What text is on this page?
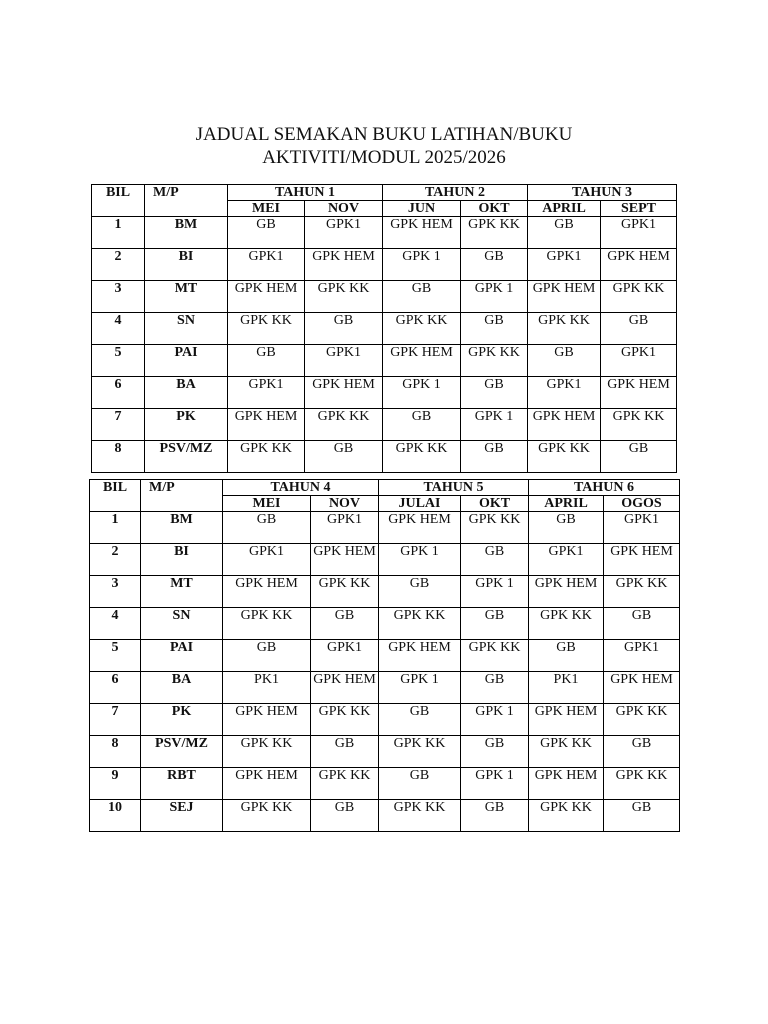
JADUAL SEMAKAN BUKU LATIHAN/BUKU
AKTIVITI/MODUL 2025/2026
BIL	M/P	TAHUN 1		TAHUN 2		TAHUN 3	
		MEI	NOV	JUN	OKT	APRIL	SEPT
1	BM	GB	GPK1	GPK HEM	GPK KK	GB	GPK1
2	BI	GPK1	GPK HEM	GPK 1	GB	GPK1	GPK HEM
3	MT	GPK HEM	GPK KK	GB	GPK 1	GPK HEM	GPK KK
4	SN	GPK KK	GB	GPK KK	GB	GPK KK	GB
5	PAI	GB	GPK1	GPK HEM	GPK KK	GB	GPK1
6	BA	GPK1	GPK HEM	GPK 1	GB	GPK1	GPK HEM
7	PK	GPK HEM	GPK KK	GB	GPK 1	GPK HEM	GPK KK
8	PSV/MZ	GPK KK	GB	GPK KK	GB	GPK KK	GB
BIL	M/P	TAHUN 4		TAHUN 5		TAHUN 6	
		MEI	NOV	JULAI	OKT	APRIL	OGOS
1	BM	GB	GPK1	GPK HEM	GPK KK	GB	GPK1
2	BI	GPK1	GPK HEM	GPK 1	GB	GPK1	GPK HEM
3	MT	GPK HEM	GPK KK	GB	GPK 1	GPK HEM	GPK KK
4	SN	GPK KK	GB	GPK KK	GB	GPK KK	GB
5	PAI	GB	GPK1	GPK HEM	GPK KK	GB	GPK1
6	BA	PK1	GPK HEM	GPK 1	GB	PK1	GPK HEM
7	PK	GPK HEM	GPK KK	GB	GPK 1	GPK HEM	GPK KK
8	PSV/MZ	GPK KK	GB	GPK KK	GB	GPK KK	GB
9	RBT	GPK HEM	GPK KK	GB	GPK 1	GPK HEM	GPK KK
10	SEJ	GPK KK	GB	GPK KK	GB	GPK KK	GB
